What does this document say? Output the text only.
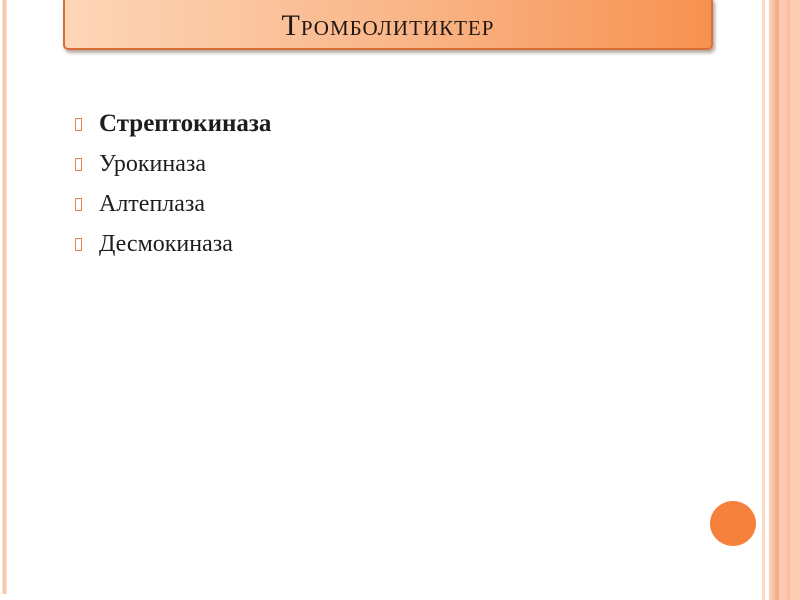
Тромболитиктер
Стрептокиназа
Урокиназа
Алтеплаза
Десмокиназа
